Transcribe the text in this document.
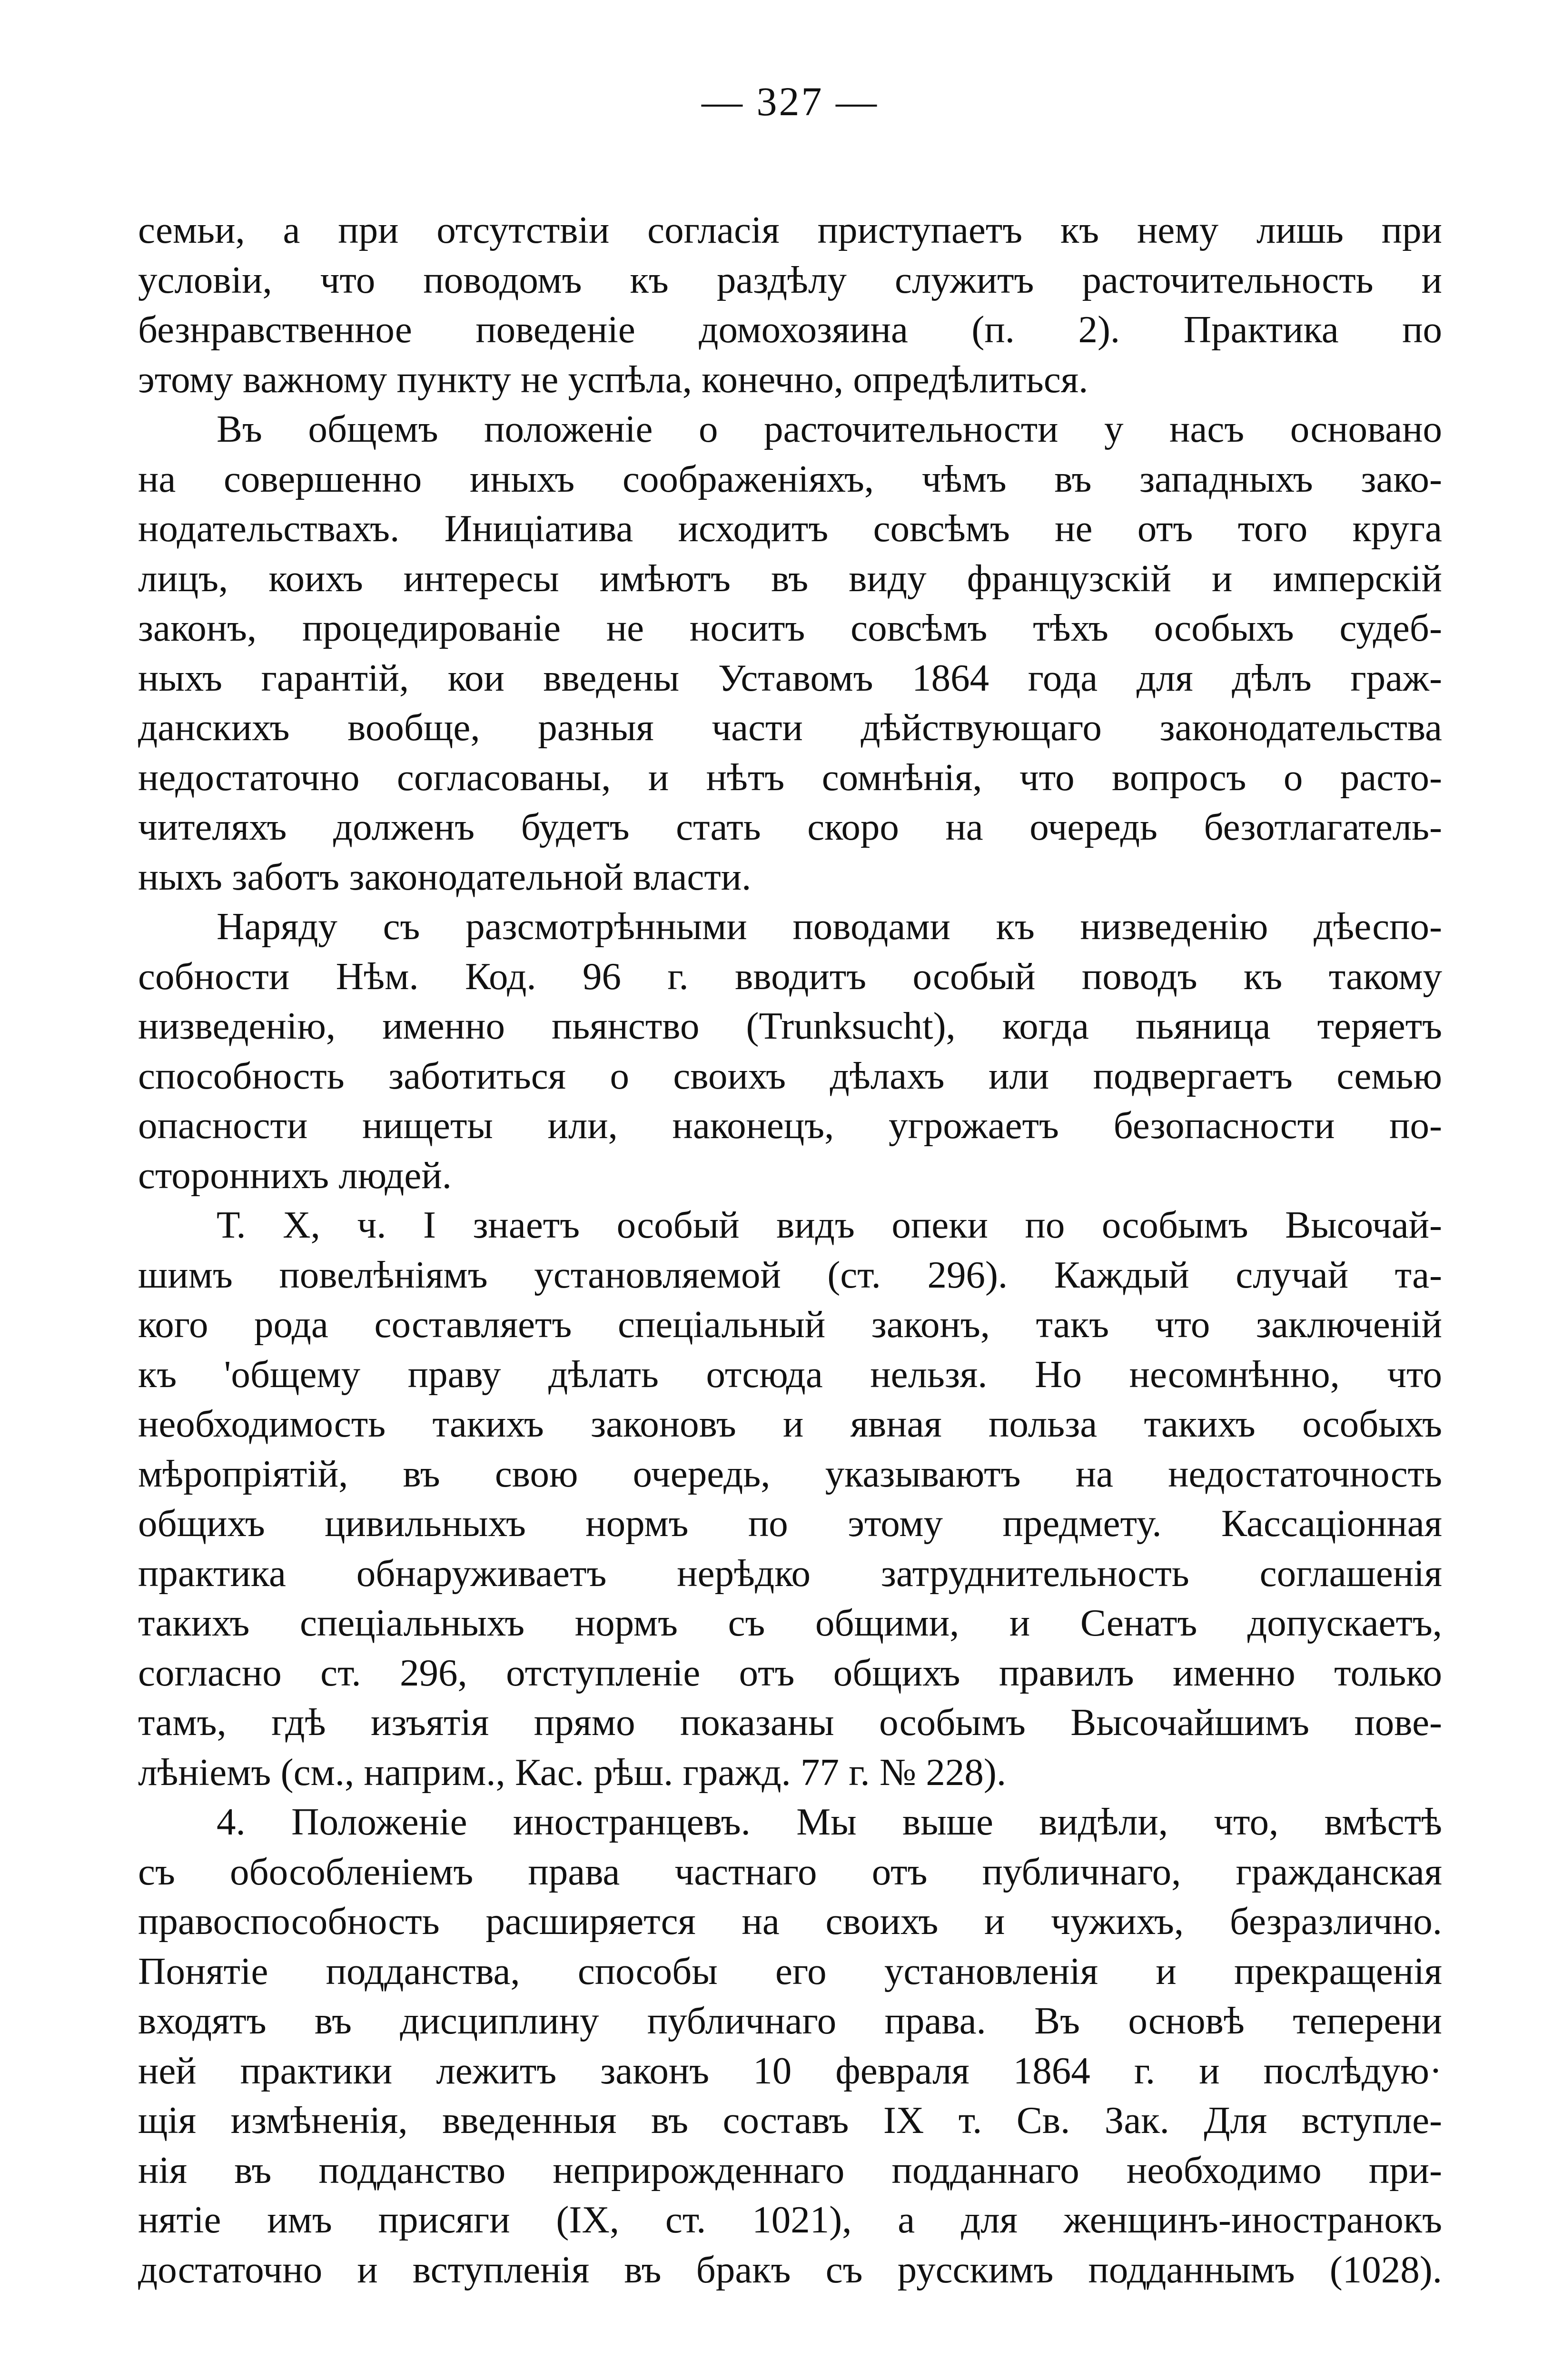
— 327 —
семьи, а при отсутствіи согласія приступаетъ къ нему лишь при
условіи, что поводомъ къ раздѣлу служитъ расточительность и
безнравственное поведеніе домохозяина (п. 2). Практика по
этому важному пункту не успѣла, конечно, опредѣлиться.
Въ общемъ положеніе о расточительности у насъ основано
на совершенно иныхъ соображеніяхъ, чѣмъ въ западныхъ зако-
нодательствахъ. Иниціатива исходитъ совсѣмъ не отъ того круга
лицъ, коихъ интересы имѣютъ въ виду французскій и имперскій
законъ, процедированіе не носитъ совсѣмъ тѣхъ особыхъ судеб-
ныхъ гарантій, кои введены Уставомъ 1864 года для дѣлъ граж-
данскихъ вообще, разныя части дѣйствующаго законодательства
недостаточно согласованы, и нѣтъ сомнѣнія, что вопросъ о расто-
чителяхъ долженъ будетъ стать скоро на очередь безотлагатель-
ныхъ заботъ законодательной власти.
Наряду съ разсмотрѣнными поводами къ низведенію дѣеспо-
собности Нѣм. Код. 96 г. вводитъ особый поводъ къ такому
низведенію, именно пьянство (Trunksucht), когда пьяница теряетъ
способность заботиться о своихъ дѣлахъ или подвергаетъ семью
опасности нищеты или, наконецъ, угрожаетъ безопасности по-
стороннихъ людей.
Т. X, ч. I знаетъ особый видъ опеки по особымъ Высочай-
шимъ повелѣніямъ установляемой (ст. 296). Каждый случай та-
кого рода составляетъ спеціальный законъ, такъ что заключеній
къ 'общему праву дѣлать отсюда нельзя. Но несомнѣнно, что
необходимость такихъ законовъ и явная польза такихъ особыхъ
мѣропріятій, въ свою очередь, указываютъ на недостаточность
общихъ цивильныхъ нормъ по этому предмету. Кассаціонная
практика обнаруживаетъ нерѣдко затруднительность соглашенія
такихъ спеціальныхъ нормъ съ общими, и Сенатъ допускаетъ,
согласно ст. 296, отступленіе отъ общихъ правилъ именно только
тамъ, гдѣ изъятія прямо показаны особымъ Высочайшимъ пове-
лѣніемъ (см., наприм., Кас. рѣш. гражд. 77 г. № 228).
4. Положеніе иностранцевъ. Мы выше видѣли, что, вмѣстѣ
съ обособленіемъ права частнаго отъ публичнаго, гражданская
правоспособность расширяется на своихъ и чужихъ, безразлично.
Понятіе подданства, способы его установленія и прекращенія
входятъ въ дисциплину публичнаго права. Въ основѣ теперени
ней практики лежитъ законъ 10 февраля 1864 г. и послѣдую·
щія измѣненія, введенныя въ составъ IX т. Св. Зак. Для вступле-
нія въ подданство неприрожденнаго подданнаго необходимо при-
нятіе имъ присяги (IX, ст. 1021), а для женщинъ-иностранокъ
достаточно и вступленія въ бракъ съ русскимъ подданнымъ (1028).
